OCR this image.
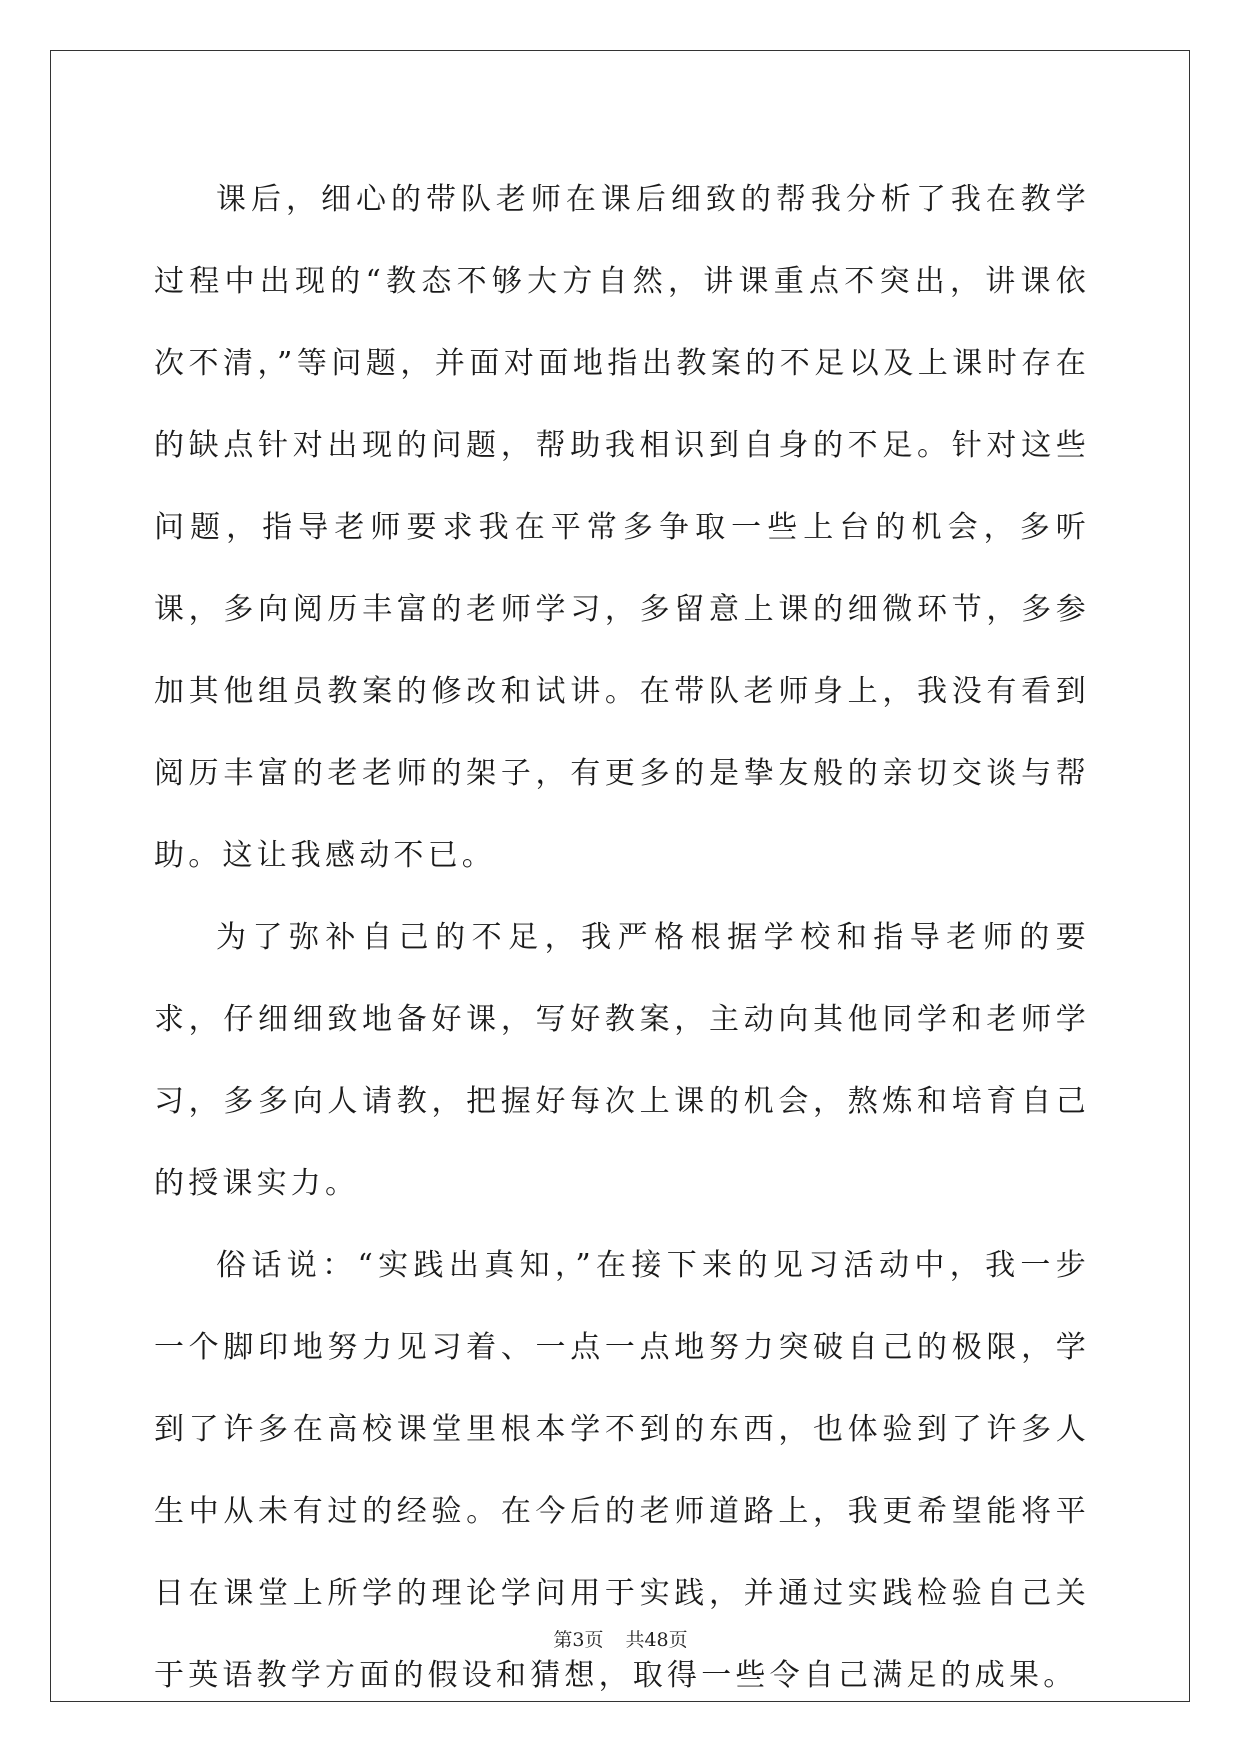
课后，细心的带队老师在课后细致的帮我分析了我在教学过程中出现的“教态不够大方自然，讲课重点不突出，讲课依次不清，”等问题，并面对面地指出教案的不足以及上课时存在的缺点针对出现的问题，帮助我相识到自身的不足。针对这些问题，指导老师要求我在平常多争取一些上台的机会，多听课，多向阅历丰富的老师学习，多留意上课的细微环节，多参加其他组员教案的修改和试讲。在带队老师身上，我没有看到阅历丰富的老老师的架子，有更多的是挚友般的亲切交谈与帮助。这让我感动不已。

为了弥补自己的不足，我严格根据学校和指导老师的要求，仔细细致地备好课，写好教案，主动向其他同学和老师学习，多多向人请教，把握好每次上课的机会，熬炼和培育自己的授课实力。

俗话说：“实践出真知，”在接下来的见习活动中，我一步一个脚印地努力见习着、一点一点地努力突破自己的极限，学到了许多在高校课堂里根本学不到的东西，也体验到了许多人生中从未有过的经验。在今后的老师道路上，我更希望能将平日在课堂上所学的理论学问用于实践，并通过实践检验自己关于英语教学方面的假设和猜想，取得一些令自己满足的成果。

第3页 共48页
